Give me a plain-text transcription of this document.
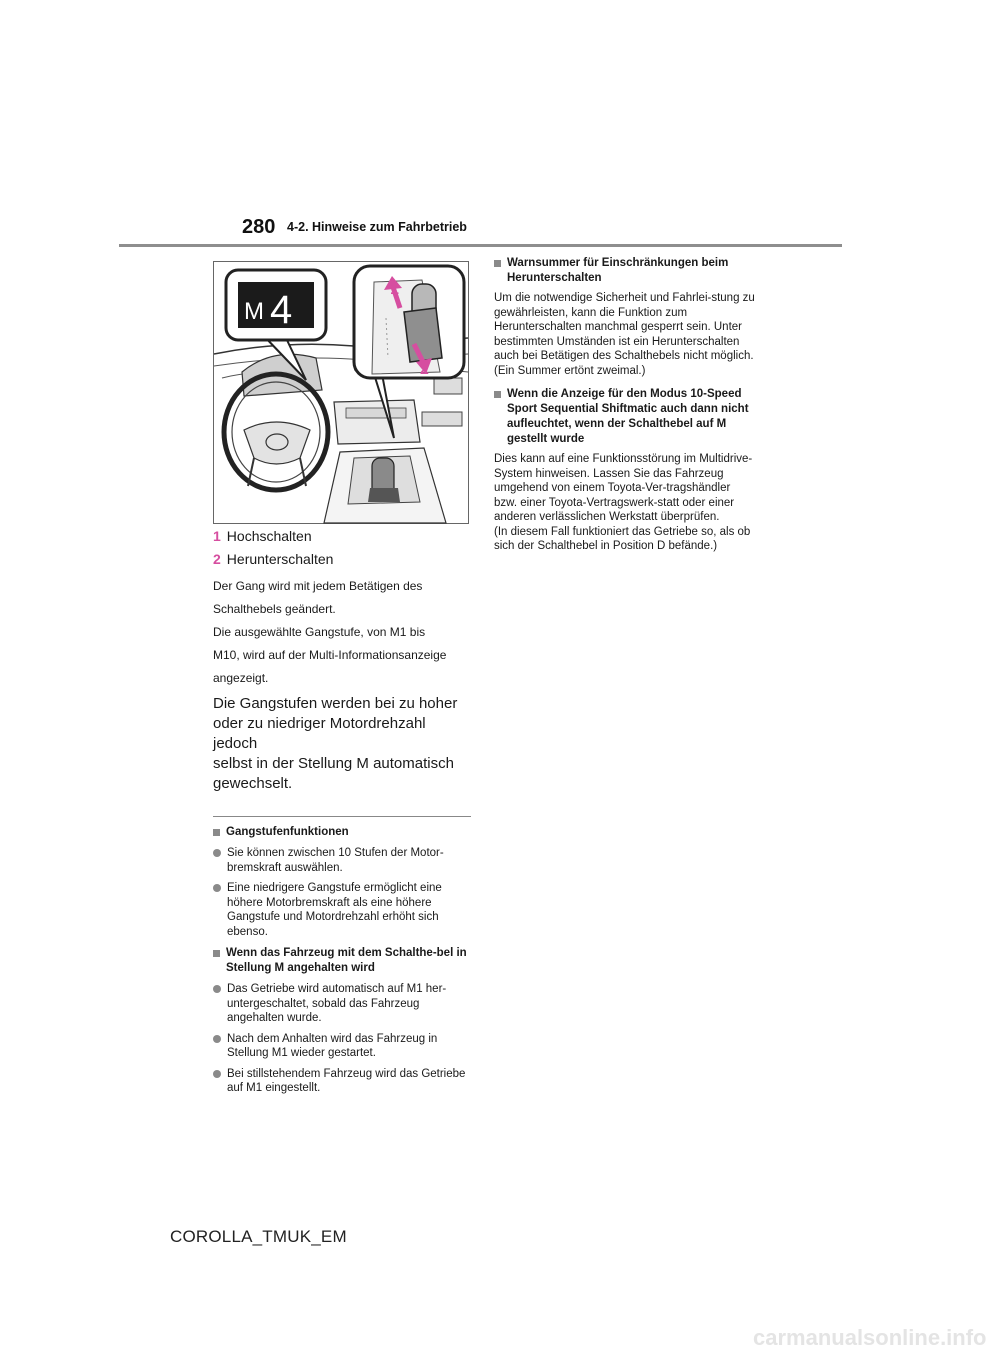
280 4-2. Hinweise zum Fahrbetrieb
M 4	1
2
1 Hochschalten
2 Herunterschalten
Der Gang wird mit jedem Betätigen des
Schalthebels geändert.
Die ausgewählte Gangstufe, von M1 bis
M10, wird auf der Multi-Informationsanzeige
angezeigt.
Die Gangstufen werden bei zu hoher
oder zu niedriger Motordrehzahl jedoch
selbst in der Stellung M automatisch
gewechselt.
Gangstufenfunktionen
Sie können zwischen 10 Stufen der Motor-bremskraft auswählen.
Eine niedrigere Gangstufe ermöglicht eine höhere Motorbremskraft als eine höhere Gangstufe und Motordrehzahl erhöht sich ebenso.
Wenn das Fahrzeug mit dem Schalthe-bel in Stellung M angehalten wird
Das Getriebe wird automatisch auf M1 her-untergeschaltet, sobald das Fahrzeug angehalten wurde.
Nach dem Anhalten wird das Fahrzeug in Stellung M1 wieder gestartet.
Bei stillstehendem Fahrzeug wird das Getriebe auf M1 eingestellt.
Warnsummer für Einschränkungen beim Herunterschalten
Um die notwendige Sicherheit und Fahrlei-stung zu gewährleisten, kann die Funktion zum Herunterschalten manchmal gesperrt sein. Unter bestimmten Umständen ist ein Herunterschalten auch bei Betätigen des Schalthebels nicht möglich. (Ein Summer ertönt zweimal.)
Wenn die Anzeige für den Modus 10-Speed Sport Sequential Shiftmatic auch dann nicht aufleuchtet, wenn der Schalthebel auf M gestellt wurde
Dies kann auf eine Funktionsstörung im Multidrive-System hinweisen. Lassen Sie das Fahrzeug umgehend von einem Toyota-Ver-tragshändler bzw. einer Toyota-Vertragswerk-statt oder einer anderen verlässlichen Werkstatt überprüfen.
(In diesem Fall funktioniert das Getriebe so, als ob sich der Schalthebel in Position D befände.)
COROLLA_TMUK_EM
carmanualsonline.info
